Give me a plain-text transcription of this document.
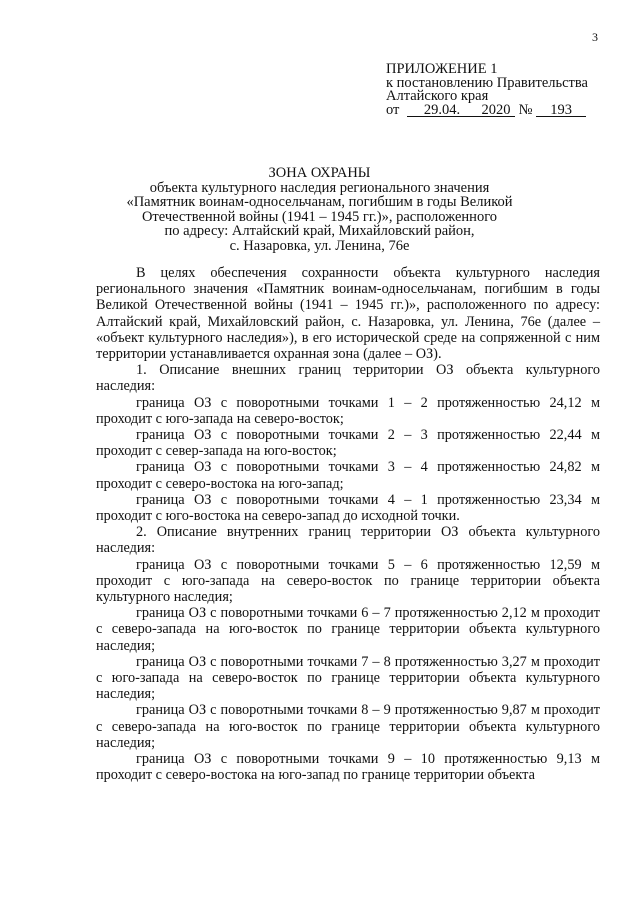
3
ПРИЛОЖЕНИЕ 1
к постановлению Правительства
Алтайского края
от 29.04. 2020 № 193
ЗОНА ОХРАНЫ
объекта культурного наследия регионального значения
«Памятник воинам-односельчанам, погибшим в годы Великой
Отечественной войны (1941 – 1945 гг.)», расположенного
по адресу: Алтайский край, Михайловский район,
с. Назаровка, ул. Ленина, 76е

В целях обеспечения сохранности объекта культурного наследия регионального значения «Памятник воинам-односельчанам, погибшим в годы Великой Отечественной войны (1941 – 1945 гг.)», расположенного по адресу: Алтайский край, Михайловский район, с. Назаровка, ул. Ленина, 76е (далее – «объект культурного наследия»), в его исторической среде на сопряженной с ним территории устанавливается охранная зона (далее – ОЗ).

1. Описание внешних границ территории ОЗ объекта культурного наследия:

граница ОЗ с поворотными точками 1 – 2 протяженностью 24,12 м проходит с юго-запада на северо-восток;

граница ОЗ с поворотными точками 2 – 3 протяженностью 22,44 м проходит с север-запада на юго-восток;

граница ОЗ с поворотными точками 3 – 4 протяженностью 24,82 м проходит с северо-востока на юго-запад;

граница ОЗ с поворотными точками 4 – 1 протяженностью 23,34 м проходит с юго-востока на северо-запад до исходной точки.

2. Описание внутренних границ территории ОЗ объекта культурного наследия:

граница ОЗ с поворотными точками 5 – 6 протяженностью 12,59 м проходит с юго-запада на северо-восток по границе территории объекта культурного наследия;

граница ОЗ с поворотными точками 6 – 7 протяженностью 2,12 м проходит с северо-запада на юго-восток по границе территории объекта культурного наследия;

граница ОЗ с поворотными точками 7 – 8 протяженностью 3,27 м проходит с юго-запада на северо-восток по границе территории объекта культурного наследия;

граница ОЗ с поворотными точками 8 – 9 протяженностью 9,87 м проходит с северо-запада на юго-восток по границе территории объекта культурного наследия;

граница ОЗ с поворотными точками 9 – 10 протяженностью 9,13 м проходит с северо-востока на юго-запад по границе территории объекта
